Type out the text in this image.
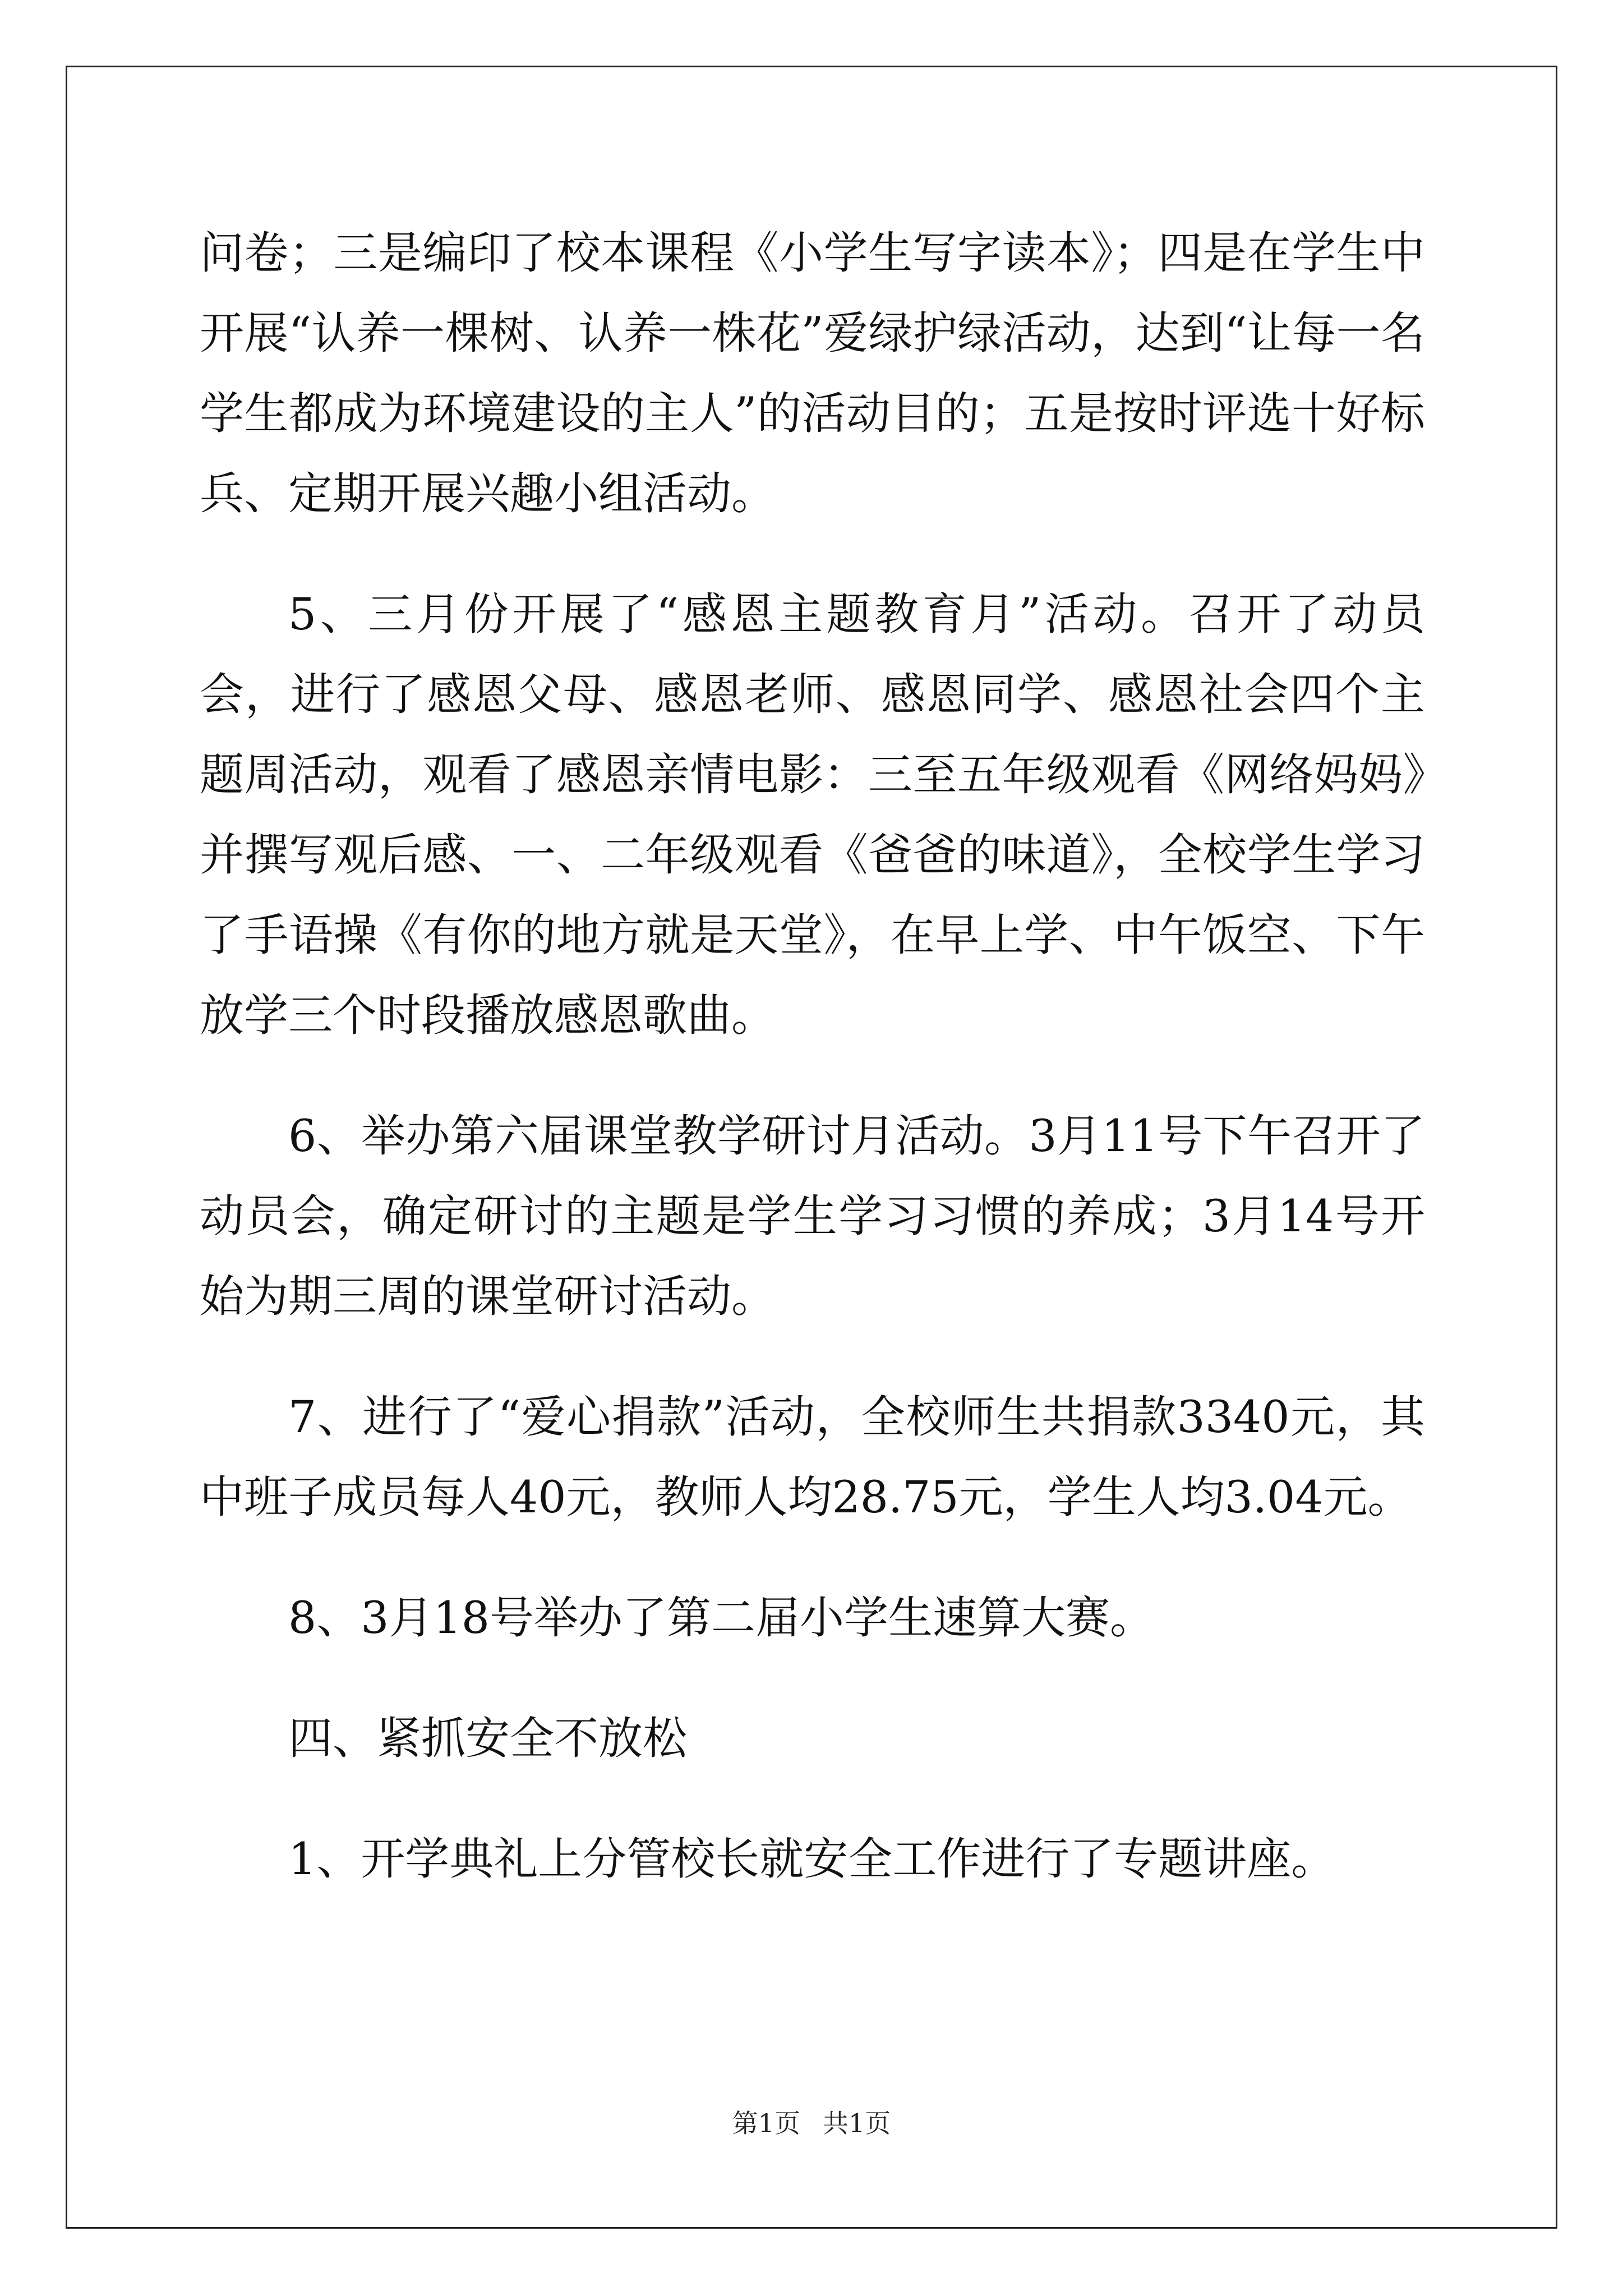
问卷；三是编印了校本课程《小学生写字读本》；四是在学生中开展“认养一棵树、认养一株花”爱绿护绿活动，达到“让每一名学生都成为环境建设的主人”的活动目的；五是按时评选十好标兵、定期开展兴趣小组活动。

5、三月份开展了“感恩主题教育月”活动。召开了动员会，进行了感恩父母、感恩老师、感恩同学、感恩社会四个主题周活动，观看了感恩亲情电影：三至五年级观看《网络妈妈》并撰写观后感、一、二年级观看《爸爸的味道》，全校学生学习了手语操《有你的地方就是天堂》，在早上学、中午饭空、下午放学三个时段播放感恩歌曲。

6、举办第六届课堂教学研讨月活动。3月11号下午召开了动员会，确定研讨的主题是学生学习习惯的养成；3月14号开始为期三周的课堂研讨活动。

7、进行了“爱心捐款”活动，全校师生共捐款3340元，其中班子成员每人40元，教师人均28.75元，学生人均3.04元。

8、3月18号举办了第二届小学生速算大赛。

四、紧抓安全不放松

1、开学典礼上分管校长就安全工作进行了专题讲座。

第1页 共1页
